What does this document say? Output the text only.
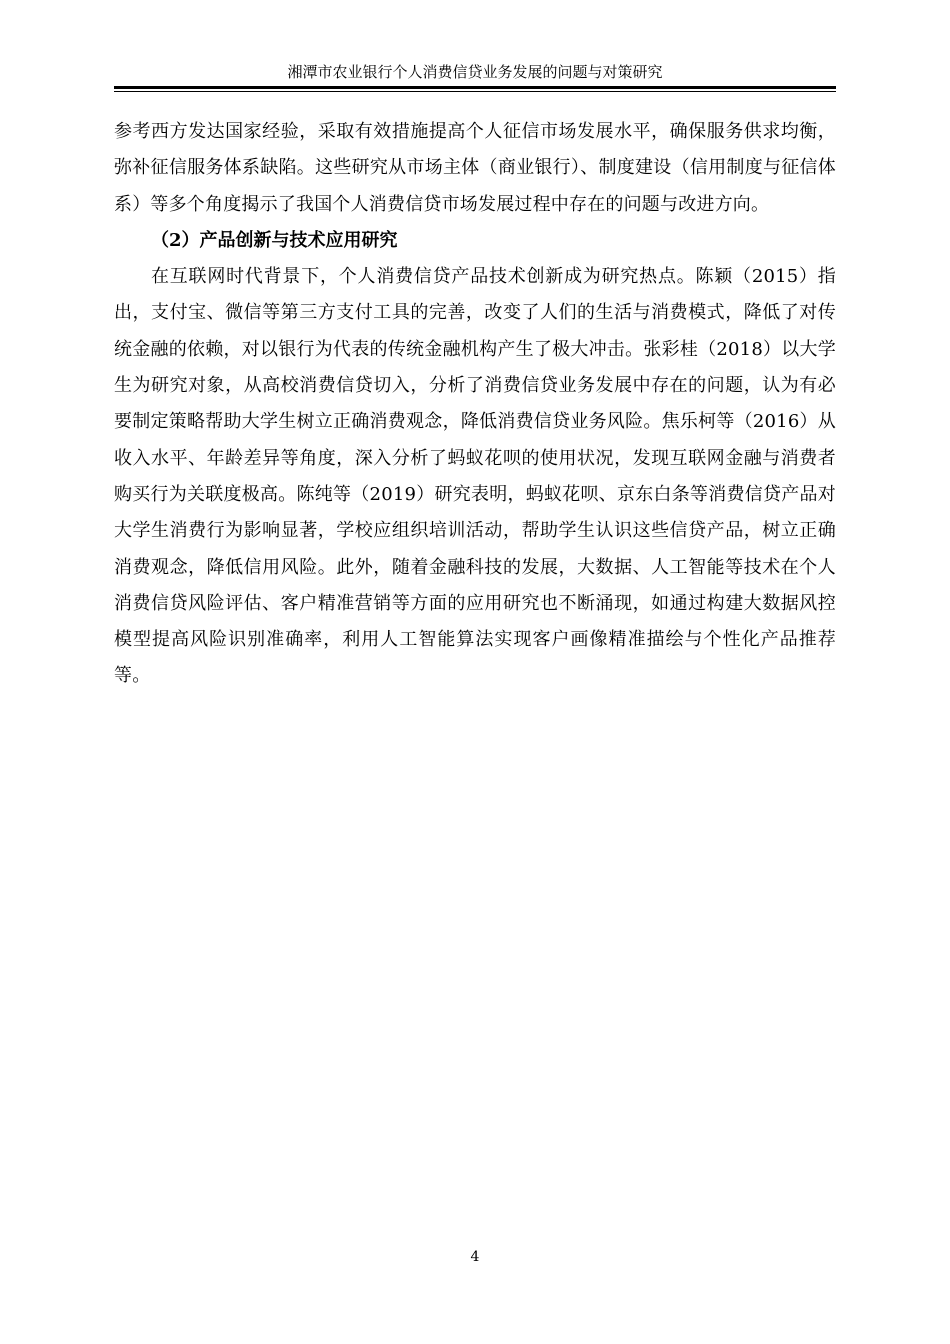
湘潭市农业银行个人消费信贷业务发展的问题与对策研究

参考西方发达国家经验，采取有效措施提高个人征信市场发展水平，确保服务供求均衡，弥补征信服务体系缺陷。这些研究从市场主体（商业银行）、制度建设（信用制度与征信体系）等多个角度揭示了我国个人消费信贷市场发展过程中存在的问题与改进方向。

（2）产品创新与技术应用研究

在互联网时代背景下，个人消费信贷产品技术创新成为研究热点。陈颖（2015）指出，支付宝、微信等第三方支付工具的完善，改变了人们的生活与消费模式，降低了对传统金融的依赖，对以银行为代表的传统金融机构产生了极大冲击。张彩桂（2018）以大学生为研究对象，从高校消费信贷切入，分析了消费信贷业务发展中存在的问题，认为有必要制定策略帮助大学生树立正确消费观念，降低消费信贷业务风险。焦乐柯等（2016）从收入水平、年龄差异等角度，深入分析了蚂蚁花呗的使用状况，发现互联网金融与消费者购买行为关联度极高。陈纯等（2019）研究表明，蚂蚁花呗、京东白条等消费信贷产品对大学生消费行为影响显著，学校应组织培训活动，帮助学生认识这些信贷产品，树立正确消费观念，降低信用风险。此外，随着金融科技的发展，大数据、人工智能等技术在个人消费信贷风险评估、客户精准营销等方面的应用研究也不断涌现，如通过构建大数据风控模型提高风险识别准确率，利用人工智能算法实现客户画像精准描绘与个性化产品推荐等。

4
